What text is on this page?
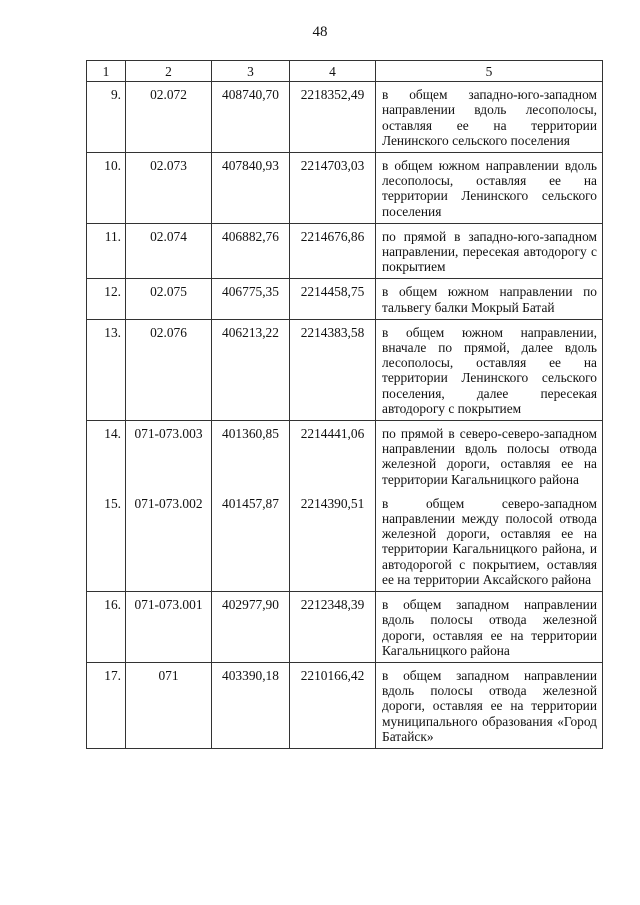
48
1	2	3	4	5
9.	02.072	408740,70	2218352,49	в общем западно-юго-западном направлении вдоль лесополосы, оставляя ее на территории Ленинского сельского поселения
10.	02.073	407840,93	2214703,03	в общем южном направлении вдоль лесополосы, оставляя ее на территории Ленинского сельского поселения
11.	02.074	406882,76	2214676,86	по прямой в западно-юго-западном направлении, пересекая автодорогу с покрытием
12.	02.075	406775,35	2214458,75	в общем южном направлении по тальвегу балки Мокрый Батай
13.	02.076	406213,22	2214383,58	в общем южном направлении, вначале по прямой, далее вдоль лесополосы, оставляя ее на территории Ленинского сельского поселения, далее пересекая автодорогу с покрытием
14.	071-073.003	401360,85	2214441,06	по прямой в северо-северо-западном направлении вдоль полосы отвода железной дороги, оставляя ее на территории Кагальницкого района
15.	071-073.002	401457,87	2214390,51	в общем северо-западном направлении между полосой отвода железной дороги, оставляя ее на территории Кагальницкого района, и автодорогой с покрытием, оставляя ее на территории Аксайского района
16.	071-073.001	402977,90	2212348,39	в общем западном направлении вдоль полосы отвода железной дороги, оставляя ее на территории Кагальницкого района
17.	071	403390,18	2210166,42	в общем западном направлении вдоль полосы отвода железной дороги, оставляя ее на территории муниципального образования «Город Батайск»
